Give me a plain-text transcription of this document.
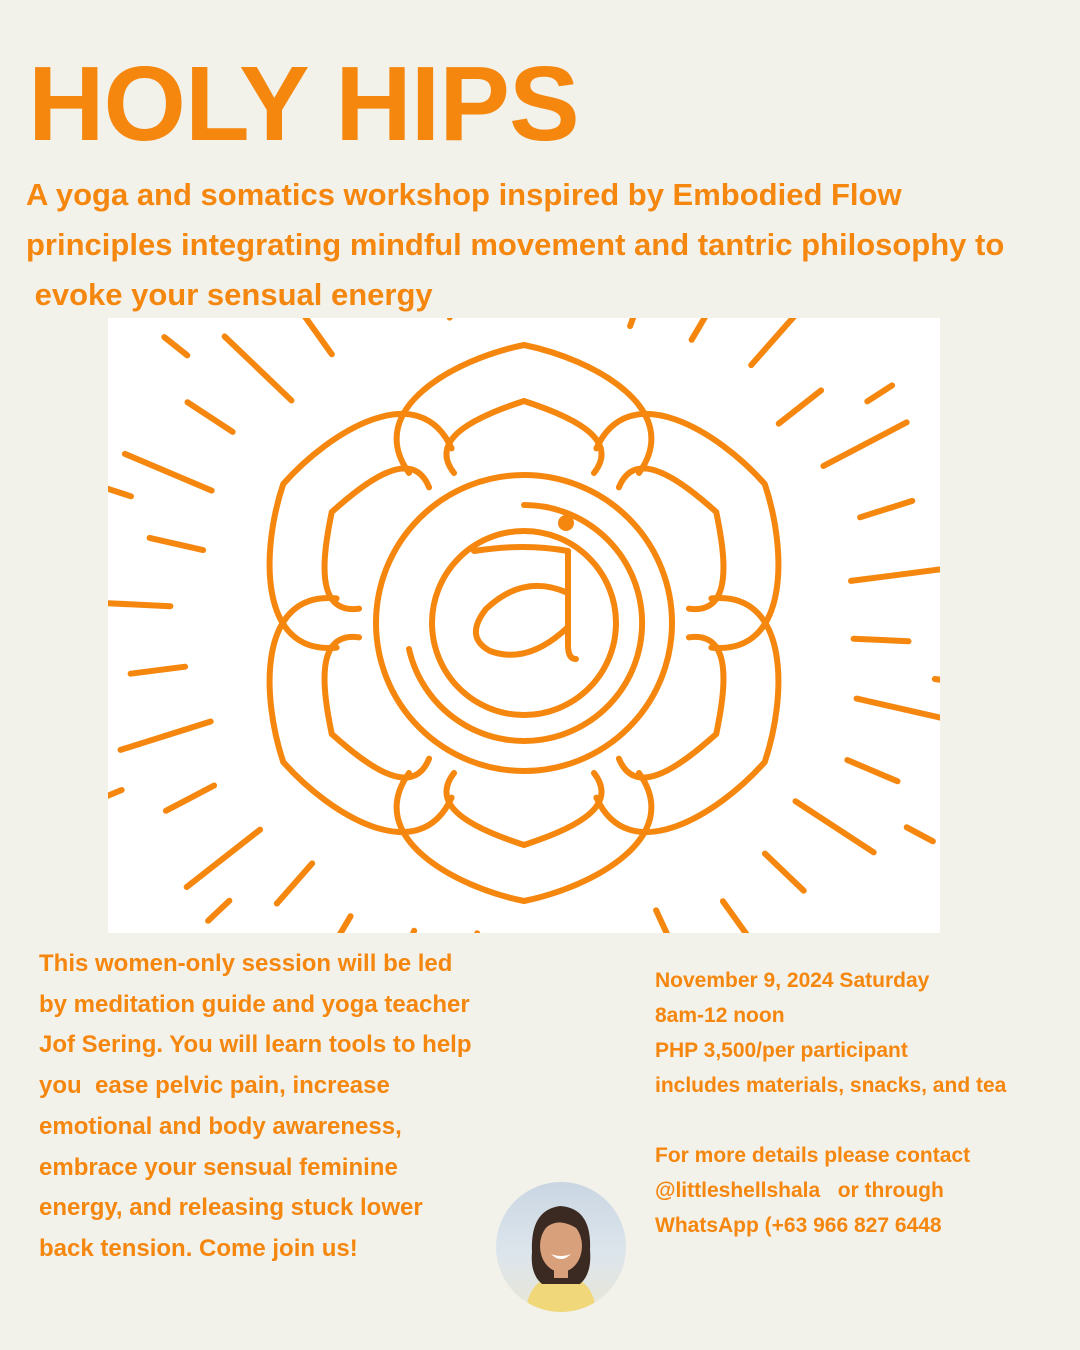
HOLY HIPS
A yoga and somatics workshop inspired by Embodied Flow
principles integrating mindful movement and tantric philosophy to
evoke your sensual energy
This women-only session will be led
by meditation guide and yoga teacher
Jof Sering. You will learn tools to help
you  ease pelvic pain, increase
emotional and body awareness,
embrace your sensual feminine
energy, and releasing stuck lower
back tension. Come join us!
November 9, 2024 Saturday
8am-12 noon
PHP 3,500/per participant
includes materials, snacks, and tea
For more details please contact
@littleshellshala   or through
WhatsApp (+63 966 827 6448
